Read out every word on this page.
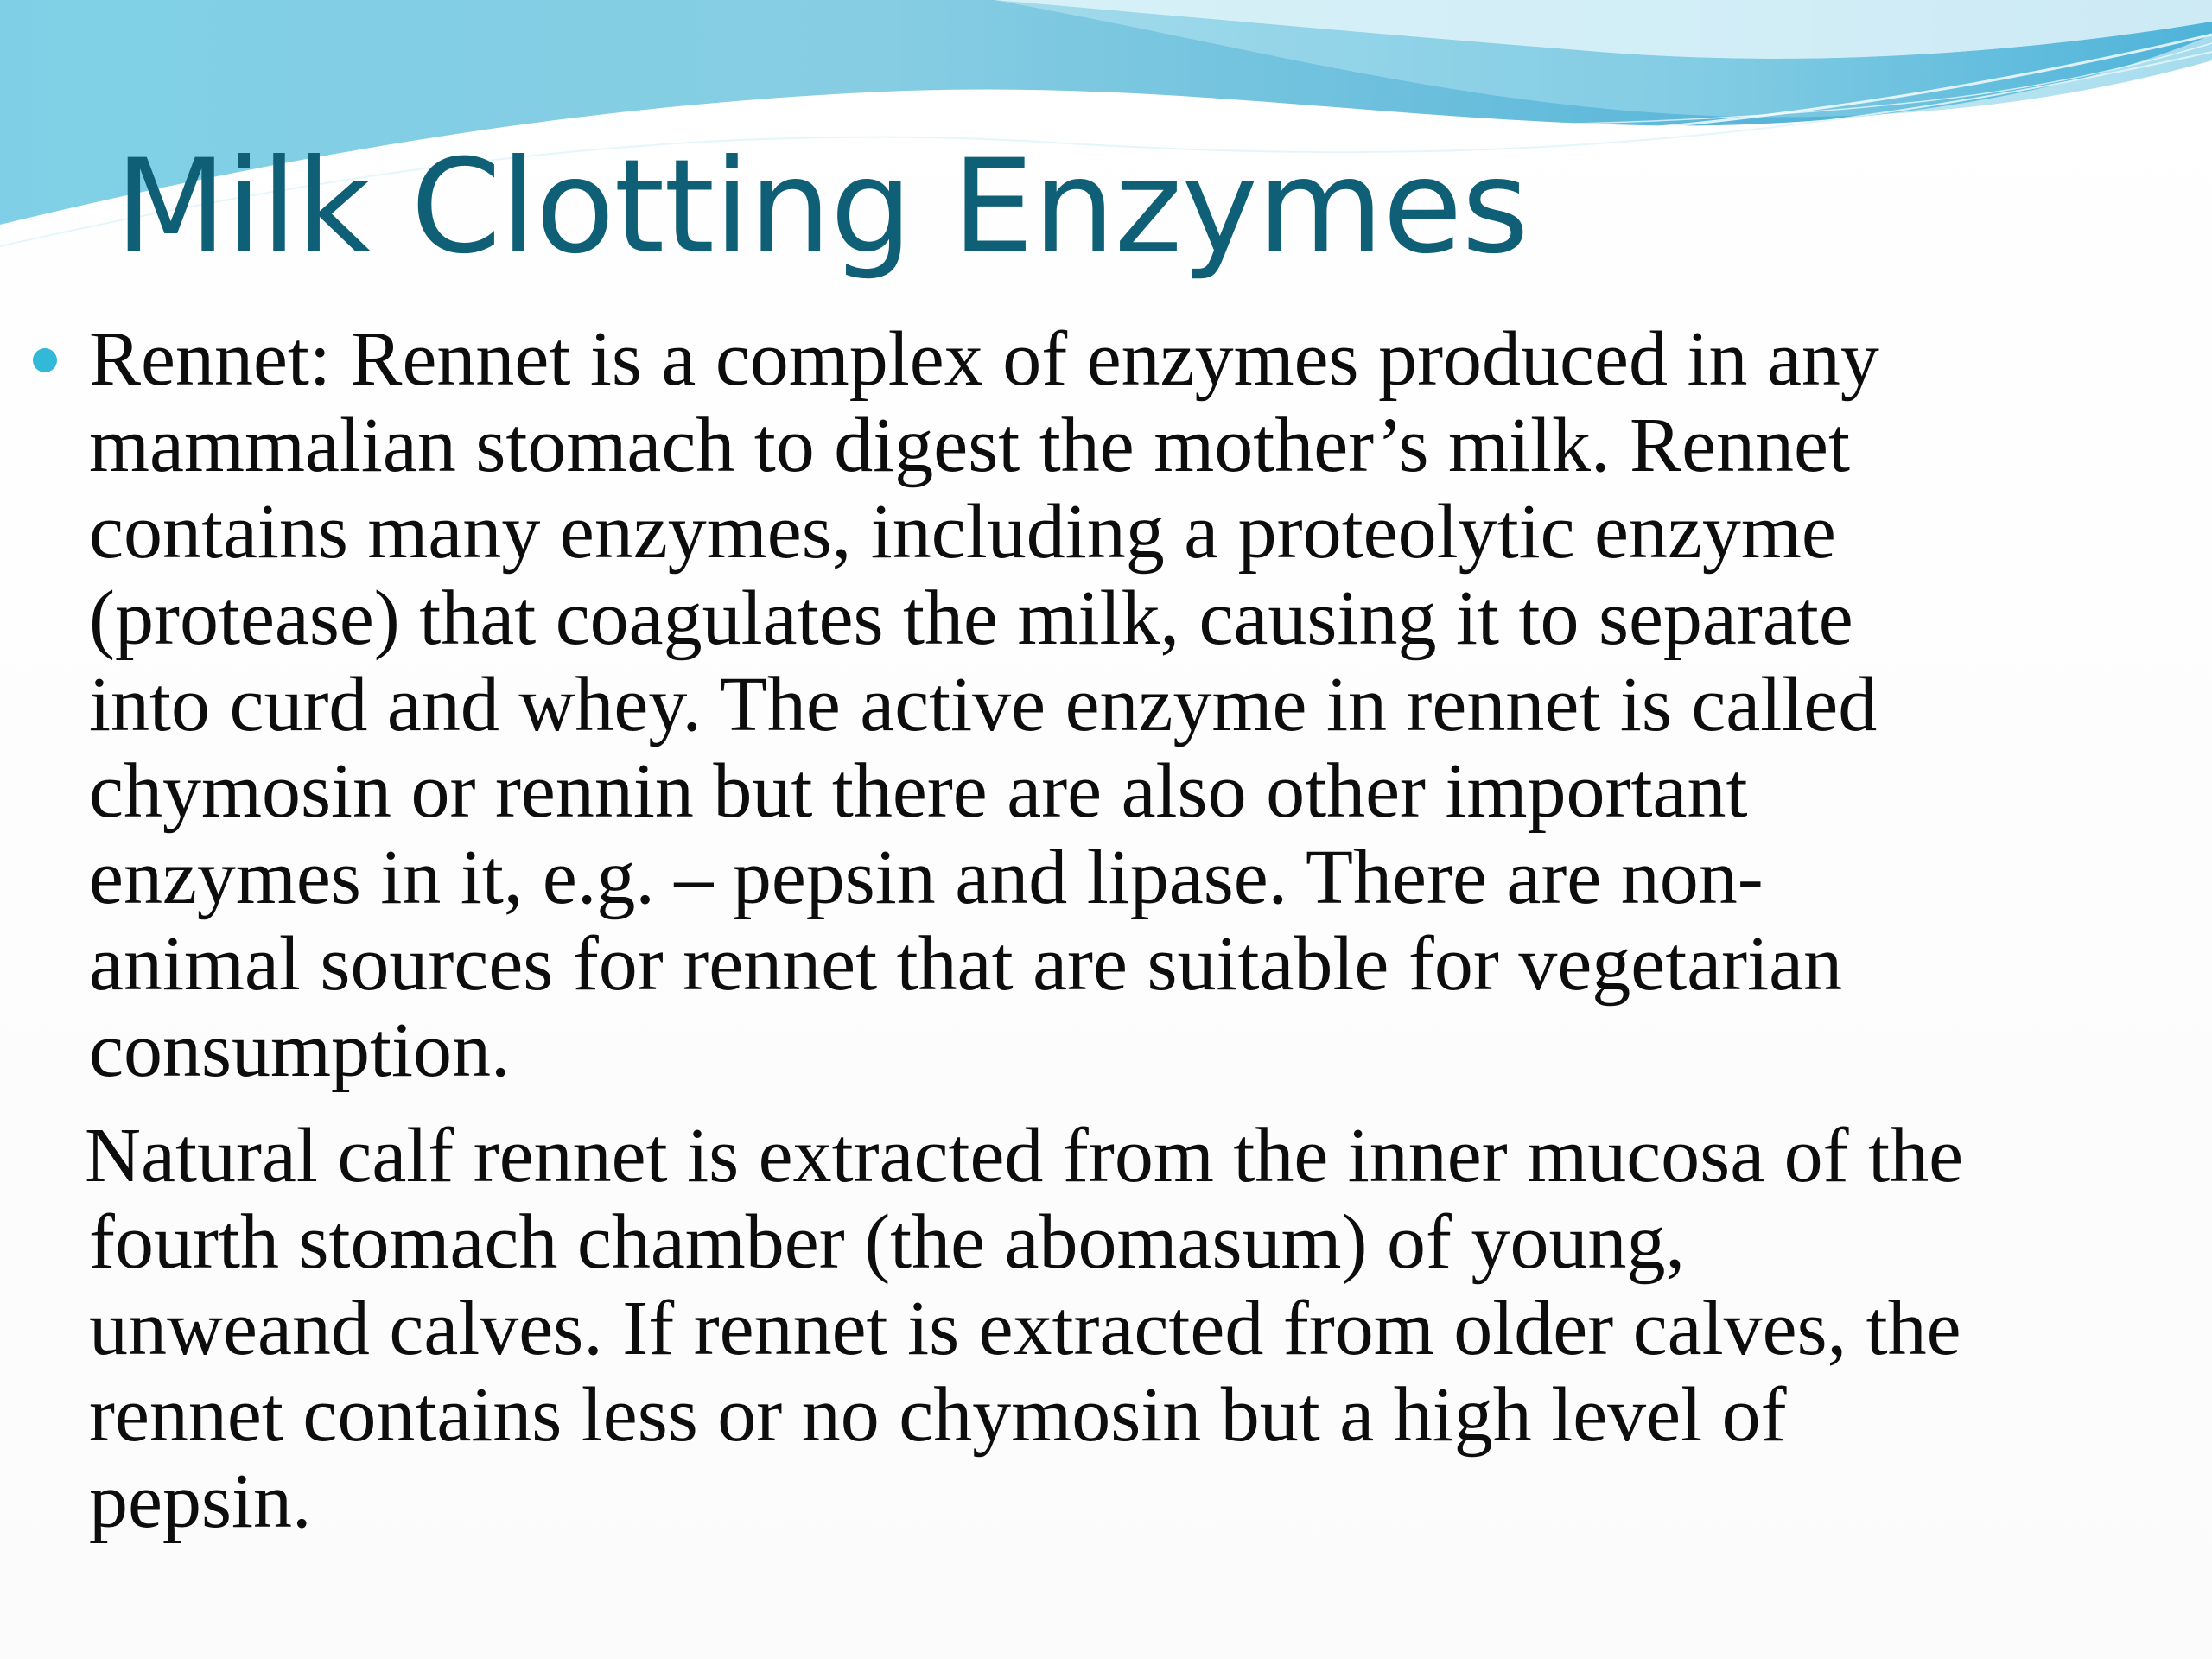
Milk Clotting Enzymes

Rennet: Rennet is a complex of enzymes produced in any
mammalian stomach to digest the mother’s milk. Rennet
contains many enzymes, including a proteolytic enzyme
(protease) that coagulates the milk, causing it to separate
into curd and whey. The active enzyme in rennet is called
chymosin or rennin but there are also other important
enzymes in it, e.g. – pepsin and lipase. There are non-
animal sources for rennet that are suitable for vegetarian
consumption.

Natural calf rennet is extracted from the inner mucosa of the
fourth stomach chamber (the abomasum) of young,
unweand calves. If rennet is extracted from older calves, the
rennet contains less or no chymosin but a high level of
pepsin.
